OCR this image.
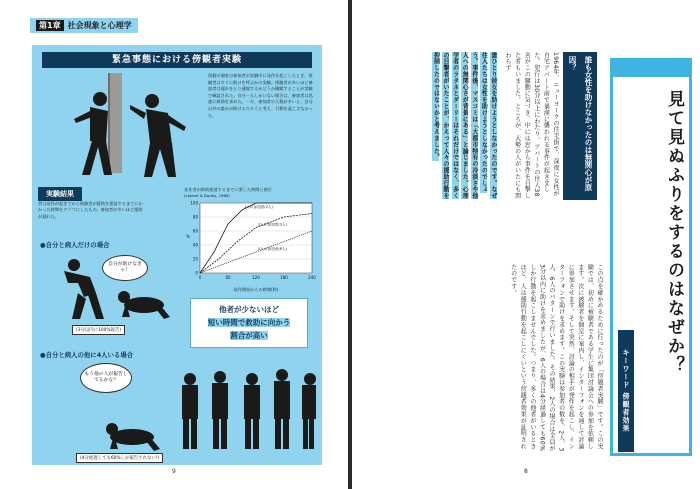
第1章 社会現象と心理学
緊急事態における傍観者実験
別個の個室の参加者が実験中に発作を起こしたとき、傍観者はすぐに助けを呼ぶかの実験。傍観者が多いほど参加者は遅れをとり通報するかどうか躊躇することが実験で確認された。自分一人しかいない場合は、参加者は迅速に救助を求めた。一方、参加者の人数が多いと、自分以外の誰かが助けるだろうと考え、行動を起こさなかった。
実験結果
者は発作が起きてから被験者が援助を要請するまでにかかった時間をグラフにしたもの。参加者が多いほど援助が遅れた。
発作者が救助要請するまでに要した時間と割合
(Latané & Darley, 1968)
0
20
40
60
80
100
0	60	120	180	240
発作開始からの時間(秒)
%
1人の参加者(2人)
2人の参加者(3人)
5人の参加者(6人)
●自分と病人だけの場合
自分が助けなきゃ！
(3分以内に100%報告)
他者が少ないほど
短い時間で救助に向かう
割合が高い
●自分と病人の他に4人いる場合
もう他の人が報告してるかな？
(4分経過しても60%しか報告されない!)
9
見て見ぬふりをするのはなぜか？
キーワード 傍観者効果
誰も女性を助けなかったのは無関心が原因？
1964年、ニューヨークの住宅街で、深夜に女性が自宅アパート前で暴漢に襲われる事件が起きました。犯行は30分以上にわたり、アパートの住人38名がこの騒動に気づき、中には窓から事件を目撃した者もいました。ところが、大勢の人がいたにも関わらず
誰ひとり彼女を助けようとしなかったのです。なぜ住人たちは女性を助けようとしなかったのでしょう。事件後、マスコミは「大都市特有の冷淡さや他人への無関心さが背景にある」と論じました。心理学者のラタネとダーリーはそれだけではなく、多くの目撃者がいたことが、かえって人々の援助行動を抑制したのではないかと考えました。
この点を確かめるために行ったのが「傍観者実験」です。この実験では、初めに被験者である学生に集団討論会への参加を依頼します。次に被験者を個室に案内し、インターフォンを通して討論に参加させます。そして突然、討論の相手が発作を起こし、インターフォンで助けを求めます。この実験は参加者の数を、2人、3人、6人のパターンで行いました。その結果、2人の場合は全員が3分以内に助けを求めましたが、6人の場合は4分経過しても60%しか行動を起こしませんでした。つまり、多くの他者がいるときほど、人は援助行動を起こしにくいという傍観者効果が証明されたのです。
8
